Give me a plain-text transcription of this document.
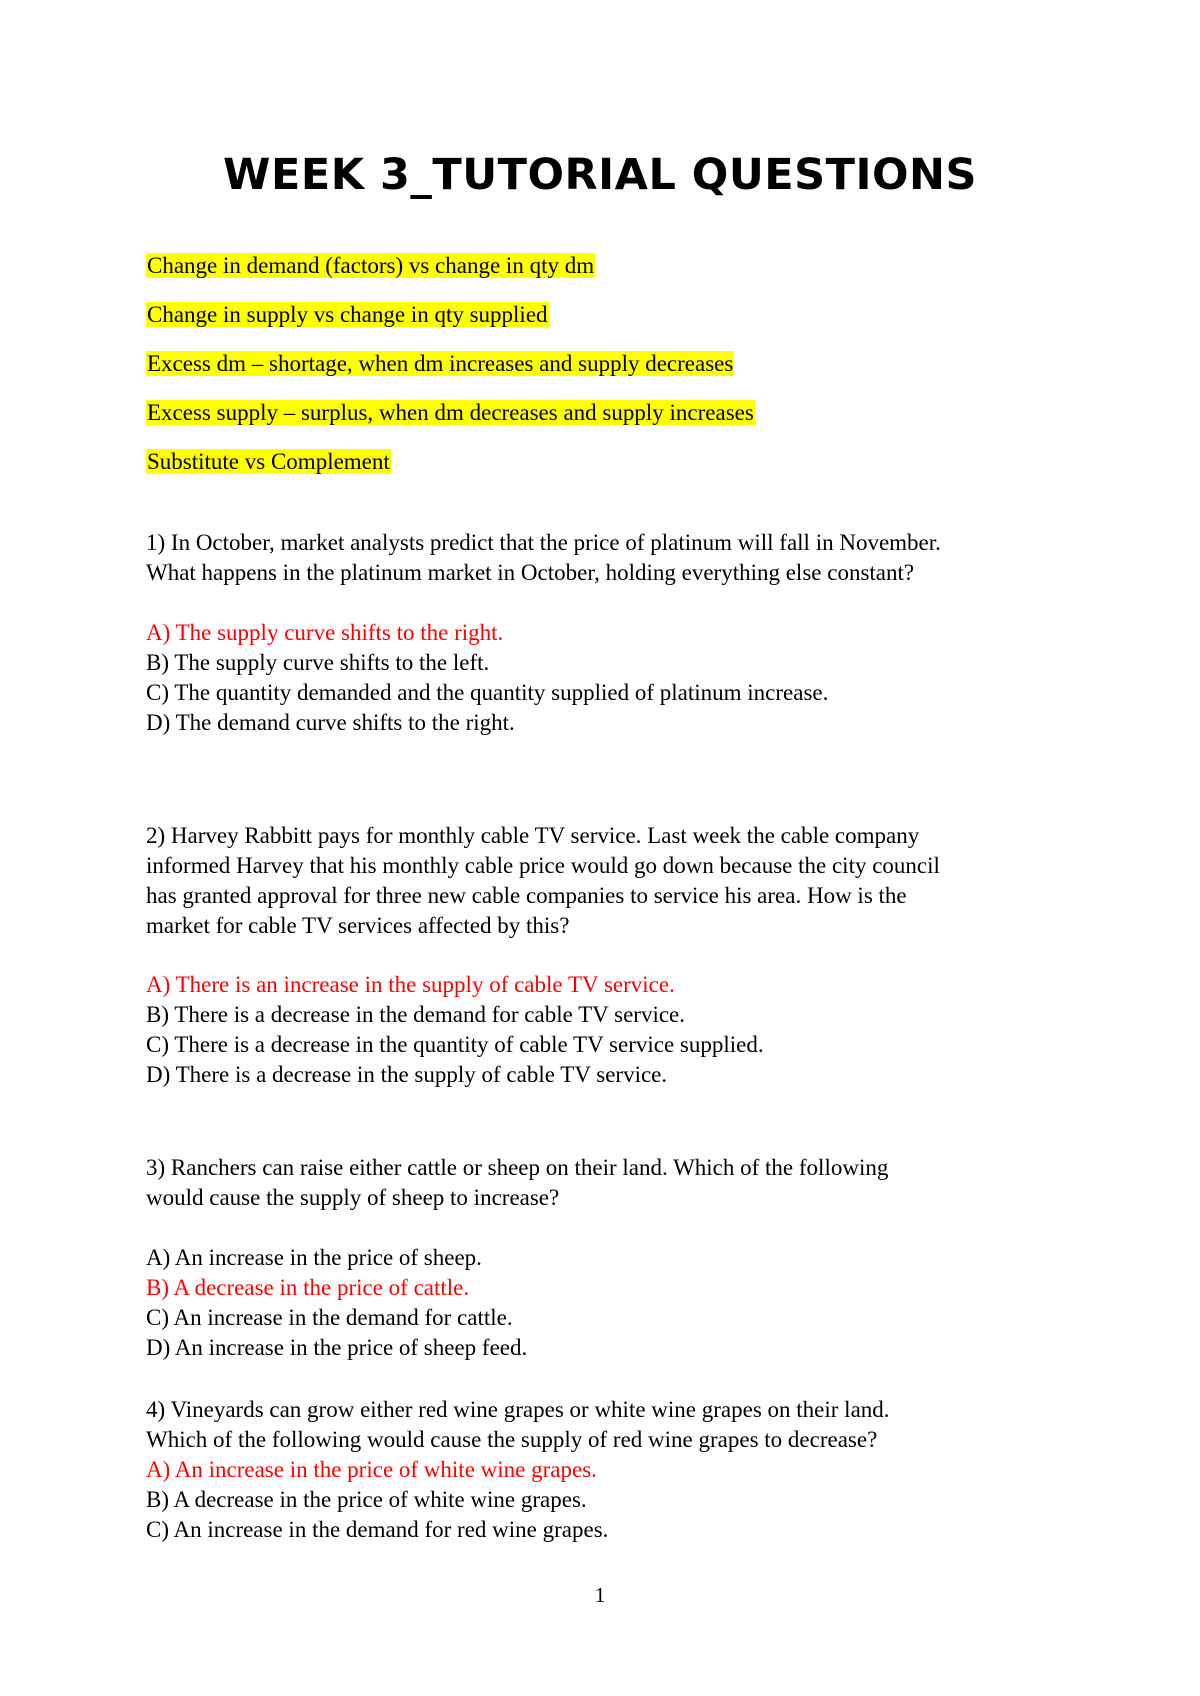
WEEK 3_TUTORIAL QUESTIONS
Change in demand (factors) vs change in qty dm
Change in supply vs change in qty supplied
Excess dm – shortage, when dm increases and supply decreases
Excess supply – surplus, when dm decreases and supply increases
Substitute vs Complement
1) In October, market analysts predict that the price of platinum will fall in November.
What happens in the platinum market in October, holding everything else constant?
A) The supply curve shifts to the right.
B) The supply curve shifts to the left.
C) The quantity demanded and the quantity supplied of platinum increase.
D) The demand curve shifts to the right.
2) Harvey Rabbitt pays for monthly cable TV service. Last week the cable company
informed Harvey that his monthly cable price would go down because the city council
has granted approval for three new cable companies to service his area. How is the
market for cable TV services affected by this?
A) There is an increase in the supply of cable TV service.
B) There is a decrease in the demand for cable TV service.
C) There is a decrease in the quantity of cable TV service supplied.
D) There is a decrease in the supply of cable TV service.
3) Ranchers can raise either cattle or sheep on their land. Which of the following
would cause the supply of sheep to increase?
A) An increase in the price of sheep.
B) A decrease in the price of cattle.
C) An increase in the demand for cattle.
D) An increase in the price of sheep feed.
4) Vineyards can grow either red wine grapes or white wine grapes on their land.
Which of the following would cause the supply of red wine grapes to decrease?
A) An increase in the price of white wine grapes.
B) A decrease in the price of white wine grapes.
C) An increase in the demand for red wine grapes.
1
